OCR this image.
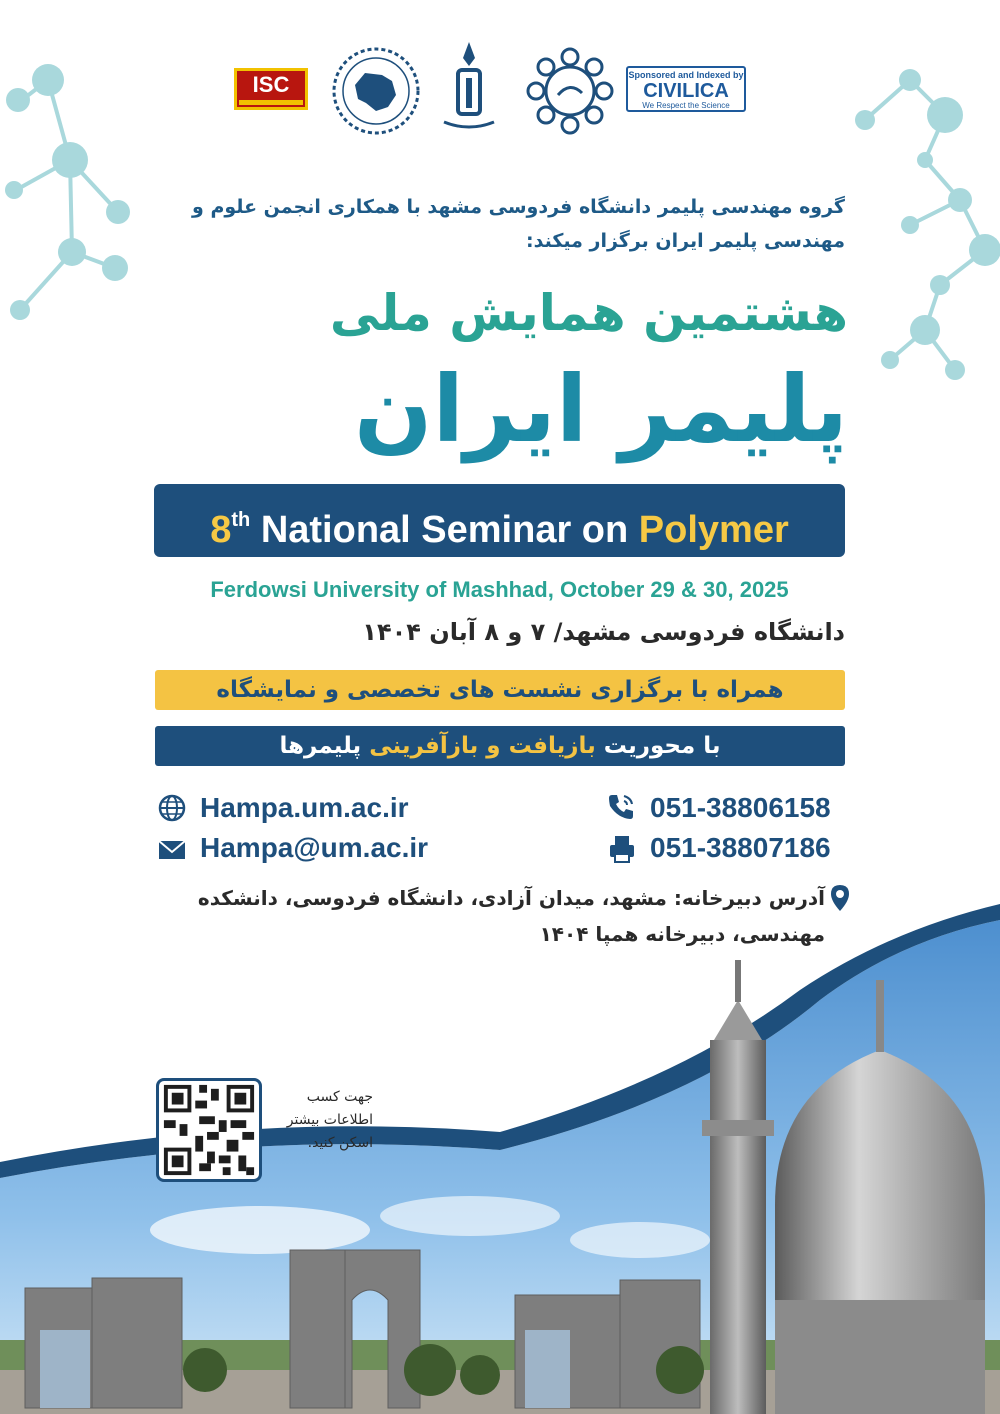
ISC	Sponsored and Indexed by
CIVILICA
We Respect the Science
گروه مهندسی پلیمر دانشگاه فردوسی مشهد با همکاری انجمن علوم و مهندسی پلیمر ایران برگزار میکند:
هشتمین همایش ملی
پلیمر ایران
8th National Seminar on Polymer
Ferdowsi University of Mashhad, October 29 & 30, 2025
دانشگاه فردوسی مشهد/ ۷ و ۸ آبان ۱۴۰۴
همراه با برگزاری نشست های تخصصی و نمایشگاه
با محوریت بازیافت و بازآفرینی پلیمرها
Hampa.um.ac.ir
Hampa@um.ac.ir
051-38806158
051-38807186
آدرس دبیرخانه: مشهد، میدان آزادی، دانشگاه فردوسی، دانشکده مهندسی، دبیرخانه همپا ۱۴۰۴
جهت کسب
اطلاعات بیشتر
اسکن کنید.
